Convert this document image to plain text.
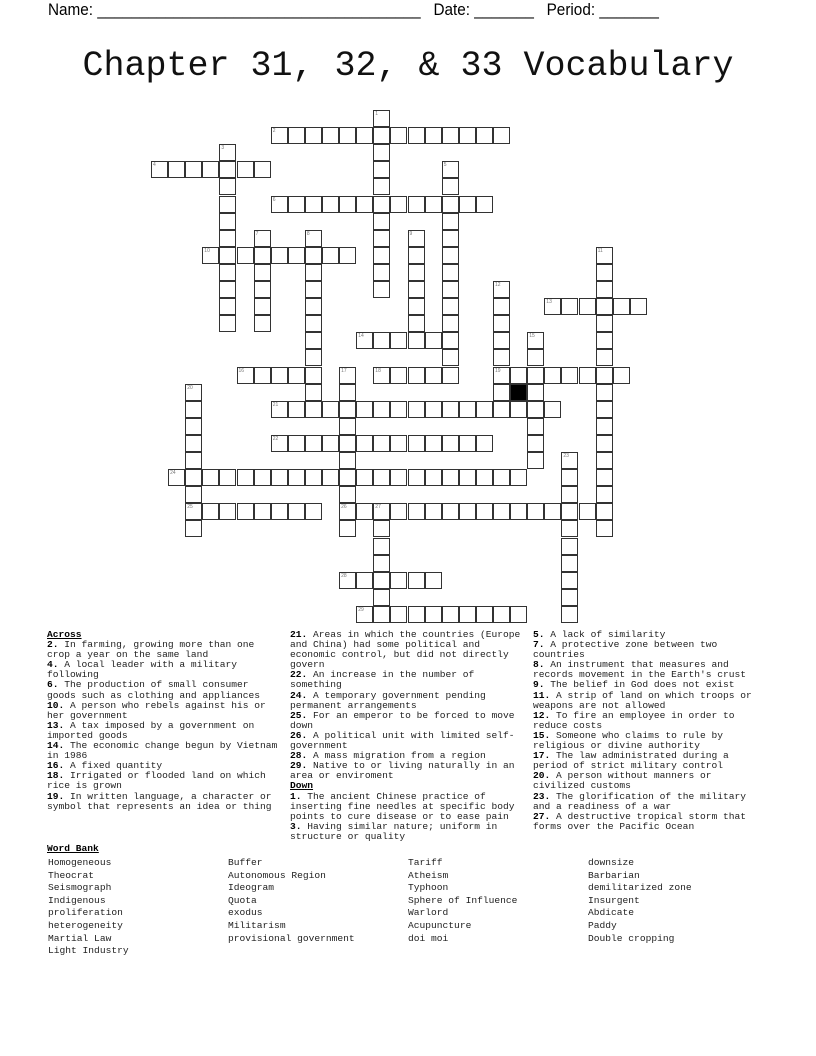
Name: ______________________________________ Date: _______ Period: _______
Chapter 31, 32, & 33 Vocabulary
1
2
3
4	5
6
7	8	9
10	11
12
19
13
14	15
16	17
26
18
20
25
21
22
23
24
27
28
29
Across
2. In farming, growing more than one crop a year on the same land
4. A local leader with a military following
6. The production of small consumer goods such as clothing and appliances
10. A person who rebels against his or her government
13. A tax imposed by a government on imported goods
14. The economic change begun by Vietnam in 1986
16. A fixed quantity
18. Irrigated or flooded land on which rice is grown
19. In written language, a character or symbol that represents an idea or thing
21. Areas in which the countries (Europe and China) had some political and economic control, but did not directly govern
22. An increase in the number of something
24. A temporary government pending permanent arrangements
25. For an emperor to be forced to move down
26. A political unit with limited self-government
28. A mass migration from a region
29. Native to or living naturally in an area or enviroment
Down
1. The ancient Chinese practice of inserting fine needles at specific body points to cure disease or to ease pain
3. Having similar nature; uniform in structure or quality
5. A lack of similarity
7. A protective zone between two countries
8. An instrument that measures and records movement in the Earth's crust
9. The belief in God does not exist
11. A strip of land on which troops or weapons are not allowed
12. To fire an employee in order to reduce costs
15. Someone who claims to rule by religious or divine authority
17. The law administrated during a period of strict military control
20. A person without manners or civilized customs
23. The glorification of the military and a readiness of a war
27. A destructive tropical storm that forms over the Pacific Ocean
Word Bank
Homogeneous
Theocrat
Seismograph
Indigenous
proliferation
heterogeneity
Martial Law
Light Industry
Buffer
Autonomous Region
Ideogram
Quota
exodus
Militarism
provisional government
Tariff
Atheism
Typhoon
Sphere of Influence
Warlord
Acupuncture
doi moi
downsize
Barbarian
demilitarized zone
Insurgent
Abdicate
Paddy
Double cropping
